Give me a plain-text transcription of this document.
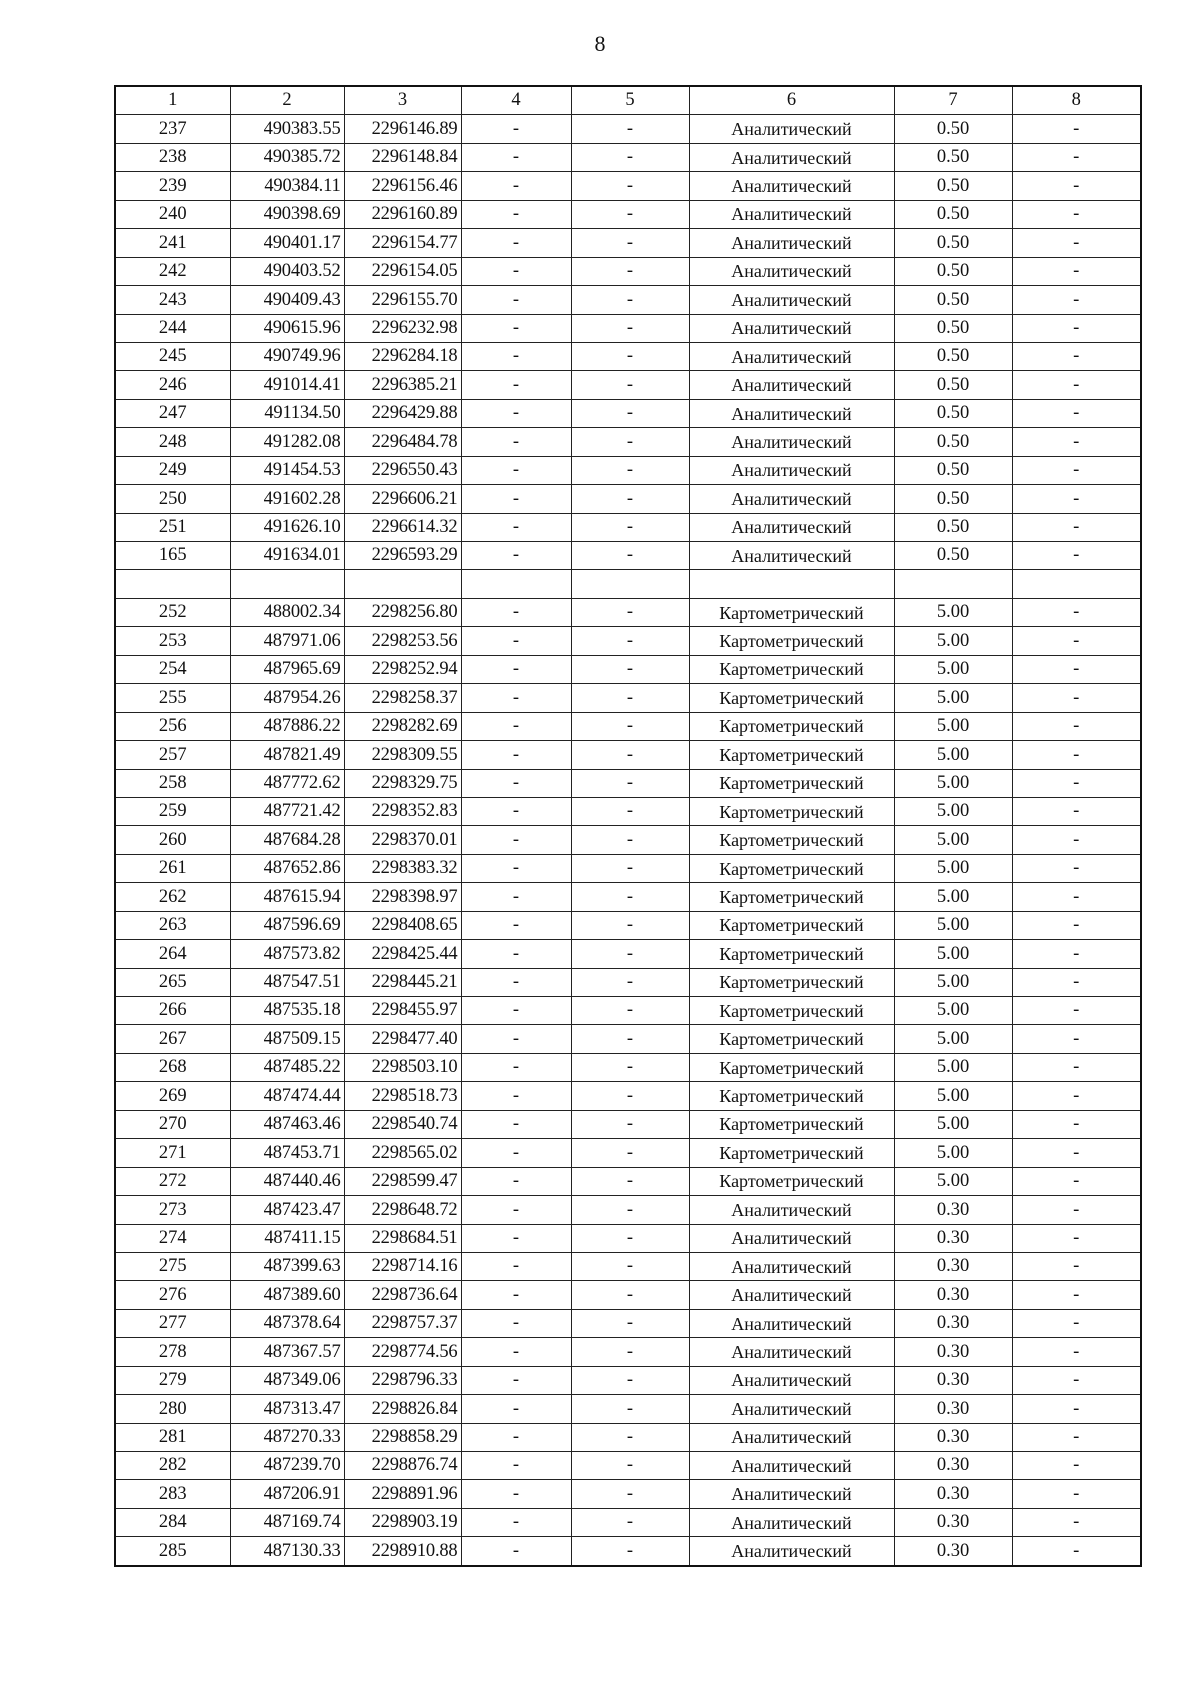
8
1	2	3	4	5	6	7	8
237	490383.55	2296146.89	-	-	Аналитический	0.50	-
238	490385.72	2296148.84	-	-	Аналитический	0.50	-
239	490384.11	2296156.46	-	-	Аналитический	0.50	-
240	490398.69	2296160.89	-	-	Аналитический	0.50	-
241	490401.17	2296154.77	-	-	Аналитический	0.50	-
242	490403.52	2296154.05	-	-	Аналитический	0.50	-
243	490409.43	2296155.70	-	-	Аналитический	0.50	-
244	490615.96	2296232.98	-	-	Аналитический	0.50	-
245	490749.96	2296284.18	-	-	Аналитический	0.50	-
246	491014.41	2296385.21	-	-	Аналитический	0.50	-
247	491134.50	2296429.88	-	-	Аналитический	0.50	-
248	491282.08	2296484.78	-	-	Аналитический	0.50	-
249	491454.53	2296550.43	-	-	Аналитический	0.50	-
250	491602.28	2296606.21	-	-	Аналитический	0.50	-
251	491626.10	2296614.32	-	-	Аналитический	0.50	-
165	491634.01	2296593.29	-	-	Аналитический	0.50	-

252	488002.34	2298256.80	-	-	Картометрический	5.00	-
253	487971.06	2298253.56	-	-	Картометрический	5.00	-
254	487965.69	2298252.94	-	-	Картометрический	5.00	-
255	487954.26	2298258.37	-	-	Картометрический	5.00	-
256	487886.22	2298282.69	-	-	Картометрический	5.00	-
257	487821.49	2298309.55	-	-	Картометрический	5.00	-
258	487772.62	2298329.75	-	-	Картометрический	5.00	-
259	487721.42	2298352.83	-	-	Картометрический	5.00	-
260	487684.28	2298370.01	-	-	Картометрический	5.00	-
261	487652.86	2298383.32	-	-	Картометрический	5.00	-
262	487615.94	2298398.97	-	-	Картометрический	5.00	-
263	487596.69	2298408.65	-	-	Картометрический	5.00	-
264	487573.82	2298425.44	-	-	Картометрический	5.00	-
265	487547.51	2298445.21	-	-	Картометрический	5.00	-
266	487535.18	2298455.97	-	-	Картометрический	5.00	-
267	487509.15	2298477.40	-	-	Картометрический	5.00	-
268	487485.22	2298503.10	-	-	Картометрический	5.00	-
269	487474.44	2298518.73	-	-	Картометрический	5.00	-
270	487463.46	2298540.74	-	-	Картометрический	5.00	-
271	487453.71	2298565.02	-	-	Картометрический	5.00	-
272	487440.46	2298599.47	-	-	Картометрический	5.00	-
273	487423.47	2298648.72	-	-	Аналитический	0.30	-
274	487411.15	2298684.51	-	-	Аналитический	0.30	-
275	487399.63	2298714.16	-	-	Аналитический	0.30	-
276	487389.60	2298736.64	-	-	Аналитический	0.30	-
277	487378.64	2298757.37	-	-	Аналитический	0.30	-
278	487367.57	2298774.56	-	-	Аналитический	0.30	-
279	487349.06	2298796.33	-	-	Аналитический	0.30	-
280	487313.47	2298826.84	-	-	Аналитический	0.30	-
281	487270.33	2298858.29	-	-	Аналитический	0.30	-
282	487239.70	2298876.74	-	-	Аналитический	0.30	-
283	487206.91	2298891.96	-	-	Аналитический	0.30	-
284	487169.74	2298903.19	-	-	Аналитический	0.30	-
285	487130.33	2298910.88	-	-	Аналитический	0.30	-
